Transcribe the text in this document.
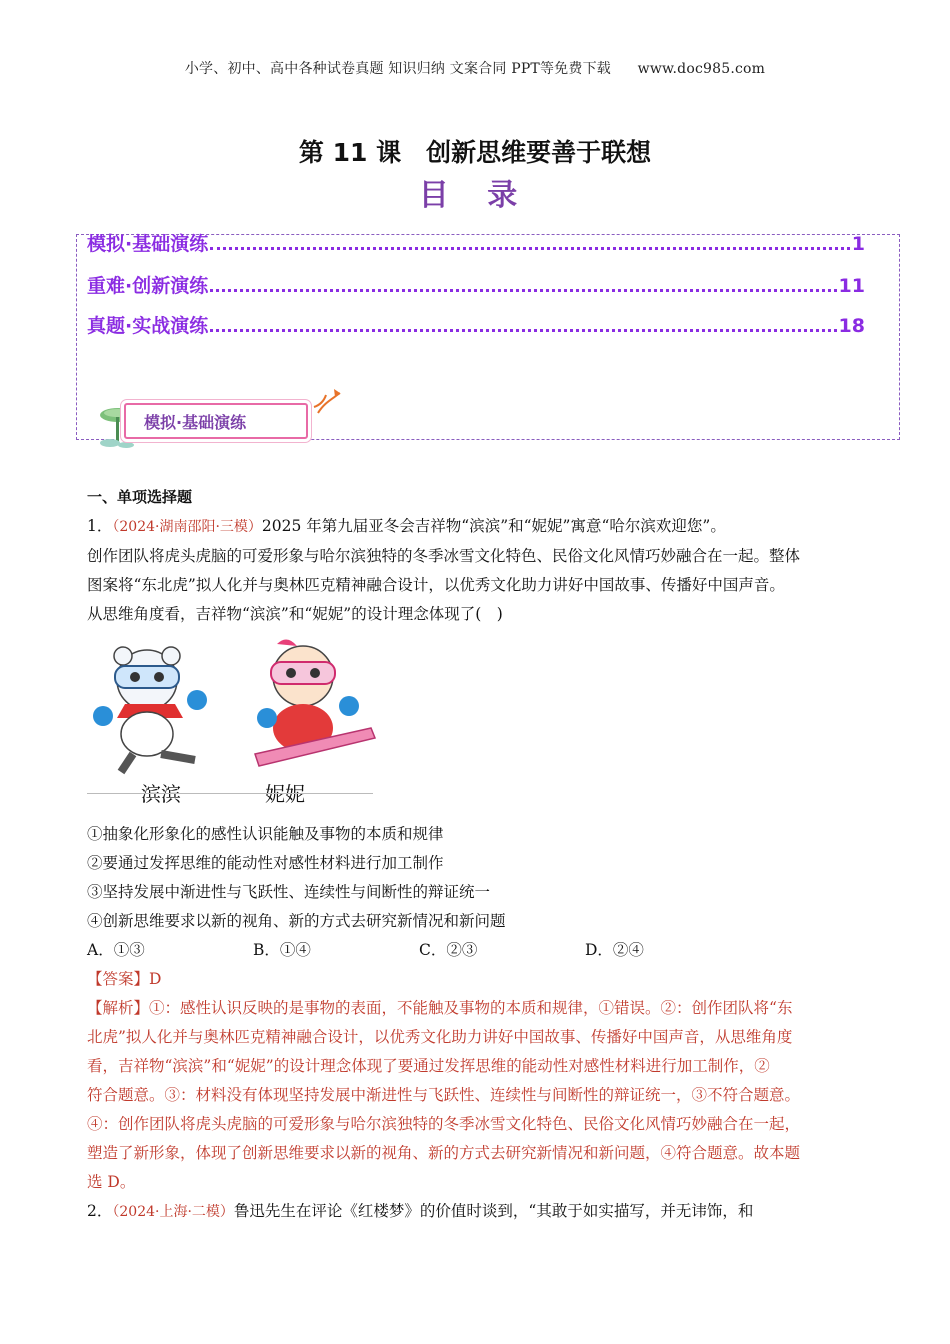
小学、初中、高中各种试卷真题 知识归纳 文案合同 PPT等免费下载 www.doc985.com
第 11 课　创新思维要善于联想
目 录
模拟·基础演练	1
重难·创新演练	11
真题·实战演练	18
模拟·基础演练
一、单项选择题
1．（2024·湖南邵阳·三模）2025 年第九届亚冬会吉祥物“滨滨”和“妮妮”寓意“哈尔滨欢迎您”。
创作团队将虎头虎脑的可爱形象与哈尔滨独特的冬季冰雪文化特色、民俗文化风情巧妙融合在一起。整体
图案将“东北虎”拟人化并与奥林匹克精神融合设计，以优秀文化助力讲好中国故事、传播好中国声音。
从思维角度看，吉祥物“滨滨”和“妮妮”的设计理念体现了(　)
滨滨	妮妮
①抽象化形象化的感性认识能触及事物的本质和规律
②要通过发挥思维的能动性对感性材料进行加工制作
③坚持发展中渐进性与飞跃性、连续性与间断性的辩证统一
④创新思维要求以新的视角、新的方式去研究新情况和新问题
A．①③	B．①④	C．②③	D．②④
【答案】D
【解析】①：感性认识反映的是事物的表面，不能触及事物的本质和规律，①错误。②：创作团队将“东
北虎”拟人化并与奥林匹克精神融合设计，以优秀文化助力讲好中国故事、传播好中国声音，从思维角度
看，吉祥物“滨滨”和“妮妮”的设计理念体现了要通过发挥思维的能动性对感性材料进行加工制作，②
符合题意。③：材料没有体现坚持发展中渐进性与飞跃性、连续性与间断性的辩证统一，③不符合题意。
④：创作团队将虎头虎脑的可爱形象与哈尔滨独特的冬季冰雪文化特色、民俗文化风情巧妙融合在一起，
塑造了新形象，体现了创新思维要求以新的视角、新的方式去研究新情况和新问题，④符合题意。故本题
选 D。
2．（2024·上海·二模）鲁迅先生在评论《红楼梦》的价值时谈到，“其敢于如实描写，并无讳饰，和
